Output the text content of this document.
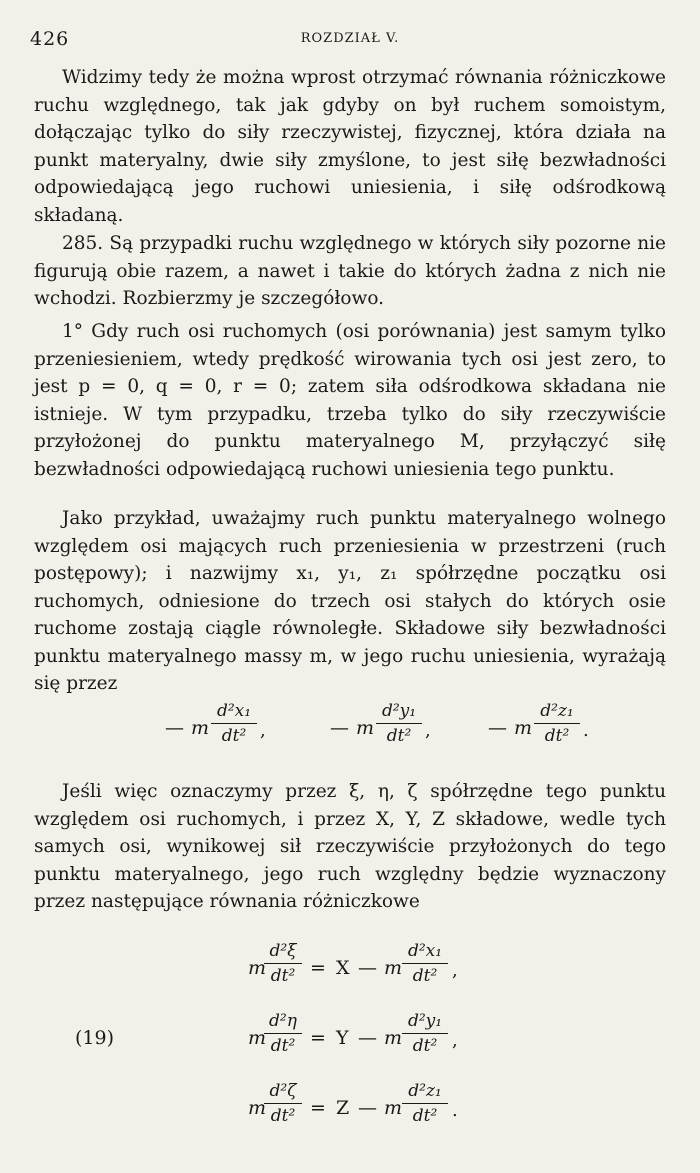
426	ROZDZIAŁ V.

Widzimy tedy że można wprost otrzymać równania różniczkowe ruchu względnego, tak jak gdyby on był ruchem somoistym, dołączając tylko do siły rzeczywistej, fizycznej, która działa na punkt materyalny, dwie siły zmyślone, to jest siłę bezwładności odpowiedającą jego ruchowi uniesienia, i siłę odśrodkową składaną.

285. Są przypadki ruchu względnego w których siły pozorne nie figurują obie razem, a nawet i takie do których żadna z nich nie wchodzi. Rozbierzmy je szczegółowo.

1° Gdy ruch osi ruchomych (osi porównania) jest samym tylko przeniesieniem, wtedy prędkość wirowania tych osi jest zero, to jest p = 0, q = 0, r = 0; zatem siła odśrodkowa składana nie istnieje. W tym przypadku, trzeba tylko do siły rzeczywiście przyłożonej do punktu materyalnego M, przyłączyć siłę bezwładności odpowiedającą ruchowi uniesienia tego punktu.

Jako przykład, uważajmy ruch punktu materyalnego wolnego względem osi mających ruch przeniesienia w przestrzeni (ruch postępowy); i nazwijmy x₁, y₁, z₁ spółrzędne początku osi ruchomych, odniesione do trzech osi stałych do których osie ruchome zostają ciągle równoległe. Składowe siły bezwładności punktu materyalnego massy m, w jego ruchu uniesienia, wyrażają się przez

— m
d²x₁
dt² ,	— m
d²y₁
dt² ,	— m
d²z₁
dt² .

Jeśli więc oznaczymy przez ξ, η, ζ spółrzędne tego punktu względem osi ruchomych, i przez X, Y, Z składowe, wedle tych samych osi, wynikowej sił rzeczywiście przyłożonych do tego punktu materyalnego, jego ruch względny będzie wyznaczony przez następujące równania różniczkowe

m
d²ξ
dt² = X — m
d²x₁
dt² ,
(19)	m
d²η
dt² = Y — m
d²y₁
dt² ,
m
d²ζ
dt² = Z — m
d²z₁
dt² .
